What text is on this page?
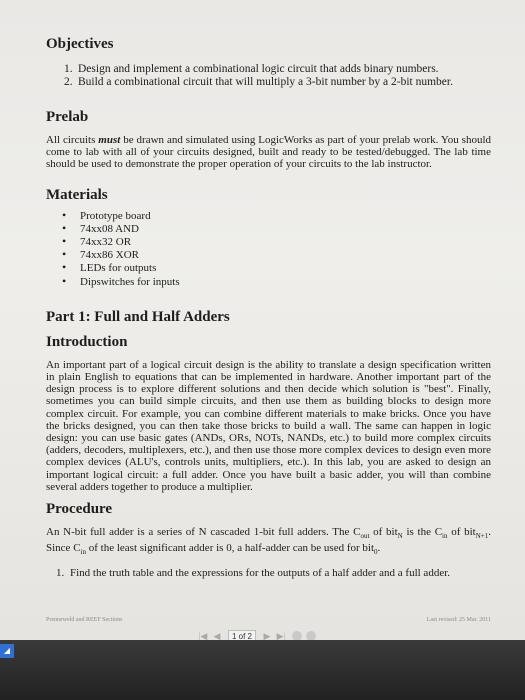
Objectives
1. Design and implement a combinational logic circuit that adds binary numbers.
2. Build a combinational circuit that will multiply a 3-bit number by a 2-bit number.
Prelab

All circuits must be drawn and simulated using LogicWorks as part of your prelab work. You should come to lab with all of your circuits designed, built and ready to be tested/debugged. The lab time should be used to demonstrate the proper operation of your circuits to the lab instructor.

Materials
• Prototype board
• 74xx08 AND
• 74xx32 OR
• 74xx86 XOR
• LEDs for outputs
• Dipswitches for inputs
Part 1: Full and Half Adders
Introduction

An important part of a logical circuit design is the ability to translate a design specification written in plain English to equations that can be implemented in hardware. Another important part of the design process is to explore different solutions and then decide which solution is "best". Finally, sometimes you can build simple circuits, and then use them as building blocks to design more complex circuit. For example, you can combine different materials to make bricks. Once you have the bricks designed, you can then take those bricks to build a wall. The same can happen in logic design: you can use basic gates (ANDs, ORs, NOTs, NANDs, etc.) to build more complex circuits (adders, decoders, multiplexers, etc.), and then use those more complex devices to design even more complex devices (ALU's, controls units, multipliers, etc.). In this lab, you are asked to design an important logical circuit: a full adder. Once you have built a basic adder, you will than combine several adders together to produce a multiplier.

Procedure

An N-bit full adder is a series of N cascaded 1-bit full adders. The $C_{out}$ of bit$_N$ is the $C_{in}$ of bit$_{N+1}$. Since $C_{in}$ of the least significant adder is 0, a half-adder can be used for bit$_0$.

1. Find the truth table and the expressions for the outputs of a half adder and a full adder.
Prenneweld and REEF Sections	Last revised: 25 Mar. 2011
|◀ ◀	1 of 2	▶ ▶|
◢
